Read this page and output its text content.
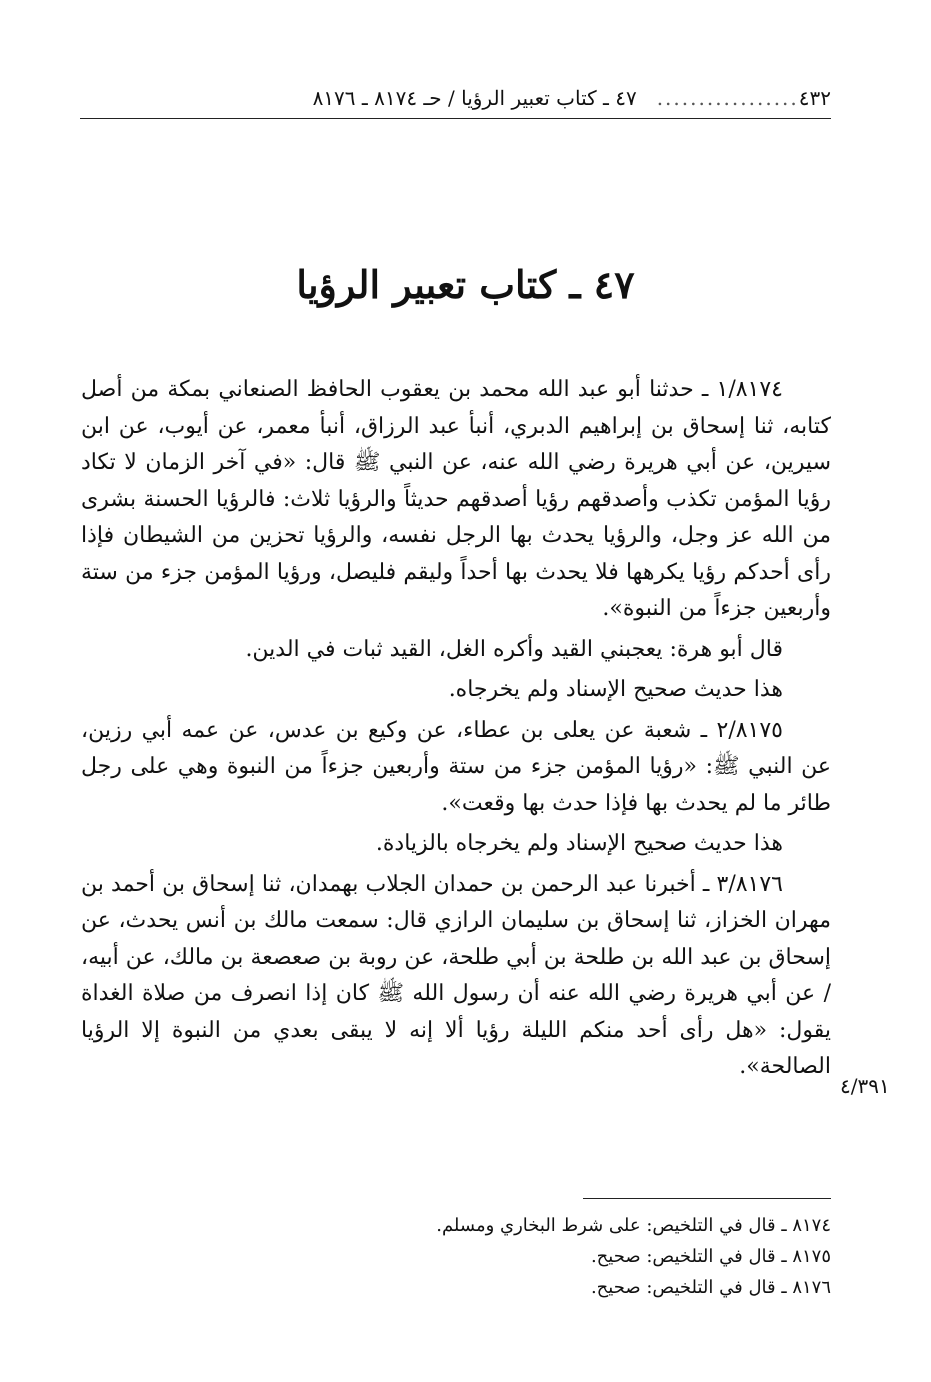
٤٣٢
.................
٤٧ ـ كتاب تعبير الرؤيا / حـ ٨١٧٤ ـ ٨١٧٦
٤٧ ـ كتاب تعبير الرؤيا

١/٨١٧٤ ـ حدثنا أبو عبد الله محمد بن يعقوب الحافظ الصنعاني بمكة من أصل كتابه، ثنا إسحاق بن إبراهيم الدبري، أنبأ عبد الرزاق، أنبأ معمر، عن أيوب، عن ابن سيرين، عن أبي هريرة رضي الله عنه، عن النبي ﷺ قال: «في آخر الزمان لا تكاد رؤيا المؤمن تكذب وأصدقهم رؤيا أصدقهم حديثاً والرؤيا ثلاث: فالرؤيا الحسنة بشرى من الله عز وجل، والرؤيا يحدث بها الرجل نفسه، والرؤيا تحزين من الشيطان فإذا رأى أحدكم رؤيا يكرهها فلا يحدث بها أحداً وليقم فليصل، ورؤيا المؤمن جزء من ستة وأربعين جزءاً من النبوة».

قال أبو هرة: يعجبني القيد وأكره الغل، القيد ثبات في الدين.

هذا حديث صحيح الإسناد ولم يخرجاه.

٢/٨١٧٥ ـ شعبة عن يعلى بن عطاء، عن وكيع بن عدس، عن عمه أبي رزين، عن النبي ﷺ: «رؤيا المؤمن جزء من ستة وأربعين جزءاً من النبوة وهي على رجل طائر ما لم يحدث بها فإذا حدث بها وقعت».

هذا حديث صحيح الإسناد ولم يخرجاه بالزيادة.

٣/٨١٧٦ ـ أخبرنا عبد الرحمن بن حمدان الجلاب بهمدان، ثنا إسحاق بن أحمد بن مهران الخزاز، ثنا إسحاق بن سليمان الرازي قال: سمعت مالك بن أنس يحدث، عن إسحاق بن عبد الله بن طلحة بن أبي طلحة، عن روبة بن صعصعة بن مالك، عن أبيه، / عن أبي هريرة رضي الله عنه أن رسول الله ﷺ كان إذا انصرف من صلاة الغداة يقول: «هل رأى أحد منكم الليلة رؤيا ألا إنه لا يبقى بعدي من النبوة إلا الرؤيا الصالحة».

٤/٣٩١

٨١٧٤ ـ قال في التلخيص: على شرط البخاري ومسلم.

٨١٧٥ ـ قال في التلخيص: صحيح.

٨١٧٦ ـ قال في التلخيص: صحيح.
